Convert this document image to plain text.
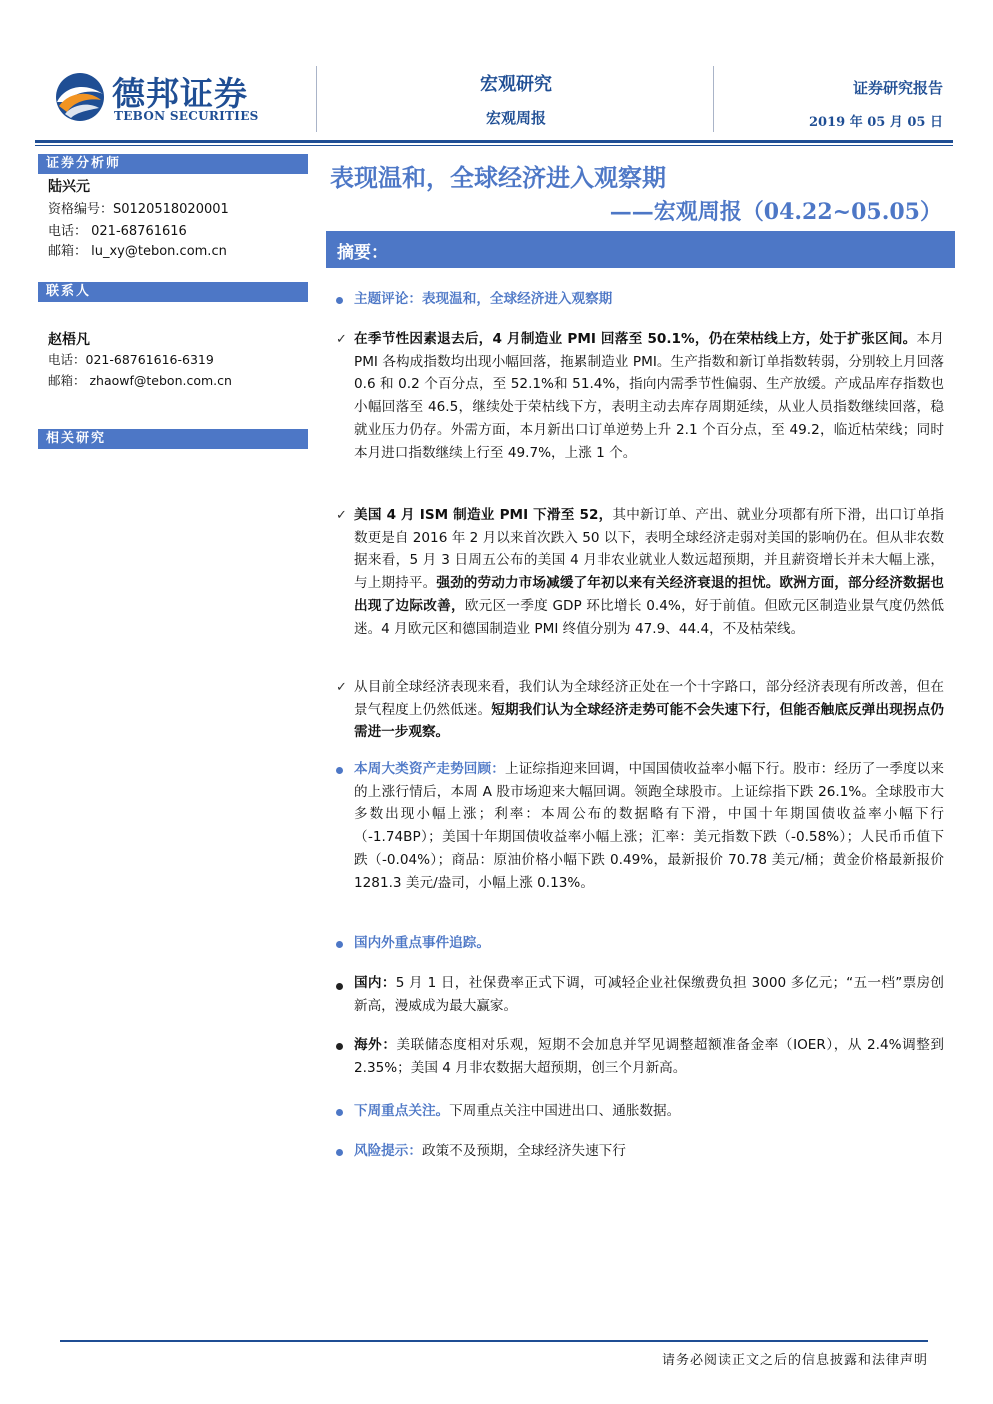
德邦证券
TEBON SECURITIES
宏观研究
宏观周报
证券研究报告
2019 年 05 月 05 日
证券分析师
陆兴元
资格编号：S0120518020001
电话： 021-68761616
邮箱： lu_xy@tebon.com.cn
联系人
赵梧凡
电话：021-68761616-6319
邮箱： zhaowf@tebon.com.cn
相关研究
表现温和，全球经济进入观察期
——宏观周报（04.22~05.05）
摘要：
主题评论：表现温和，全球经济进入观察期
✓ 在季节性因素退去后，4 月制造业 PMI 回落至 50.1%，仍在荣枯线上方，处于扩张区间。本月 PMI 各构成指数均出现小幅回落，拖累制造业 PMI。生产指数和新订单指数转弱，分别较上月回落 0.6 和 0.2 个百分点，至 52.1%和 51.4%，指向内需季节性偏弱、生产放缓。产成品库存指数也小幅回落至 46.5，继续处于荣枯线下方，表明主动去库存周期延续，从业人员指数继续回落，稳就业压力仍存。外需方面，本月新出口订单逆势上升 2.1 个百分点，至 49.2，临近枯荣线；同时本月进口指数继续上行至 49.7%，上涨 1 个。
✓ 美国 4 月 ISM 制造业 PMI 下滑至 52，其中新订单、产出、就业分项都有所下滑，出口订单指数更是自 2016 年 2 月以来首次跌入 50 以下，表明全球经济走弱对美国的影响仍在。但从非农数据来看，5 月 3 日周五公布的美国 4 月非农业就业人数远超预期，并且薪资增长并未大幅上涨，与上期持平。强劲的劳动力市场减缓了年初以来有关经济衰退的担忧。欧洲方面，部分经济数据也出现了边际改善，欧元区一季度 GDP 环比增长 0.4%，好于前值。但欧元区制造业景气度仍然低迷。4 月欧元区和德国制造业 PMI 终值分别为 47.9、44.4，不及枯荣线。
✓ 从目前全球经济表现来看，我们认为全球经济正处在一个十字路口，部分经济表现有所改善，但在景气程度上仍然低迷。短期我们认为全球经济走势可能不会失速下行，但能否触底反弹出现拐点仍需进一步观察。
本周大类资产走势回顾：上证综指迎来回调，中国国债收益率小幅下行。股市：经历了一季度以来的上涨行情后，本周 A 股市场迎来大幅回调。领跑全球股市。上证综指下跌 26.1%。全球股市大多数出现小幅上涨；利率：本周公布的数据略有下滑，中国十年期国债收益率小幅下行（-1.74BP）；美国十年期国债收益率小幅上涨；汇率：美元指数下跌（-0.58%）；人民币币值下跌（-0.04%）；商品：原油价格小幅下跌 0.49%，最新报价 70.78 美元/桶；黄金价格最新报价 1281.3 美元/盎司，小幅上涨 0.13%。
国内外重点事件追踪。
国内：5 月 1 日，社保费率正式下调，可减轻企业社保缴费负担 3000 多亿元；“五一档”票房创新高，漫威成为最大赢家。
海外：美联储态度相对乐观，短期不会加息并罕见调整超额准备金率（IOER），从 2.4%调整到 2.35%；美国 4 月非农数据大超预期，创三个月新高。
下周重点关注。下周重点关注中国进出口、通胀数据。
风险提示：政策不及预期，全球经济失速下行
请务必阅读正文之后的信息披露和法律声明
